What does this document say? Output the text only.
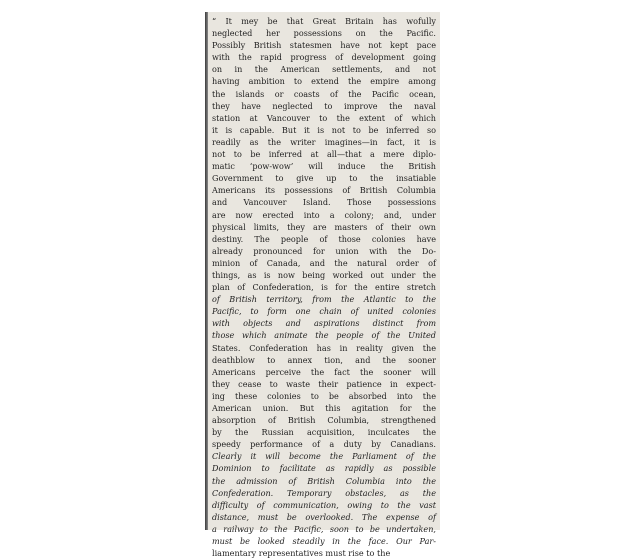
“ It mеy be that Great Britain has wofully
neglected her possessions on the Pacific.
Possibly British statesmen have not kept pace
with the rapid progress of development going
on in the American settlements, and not
having ambition to extend the empire among
the islands or coasts of the Pacific ocean,
they have neglected to improve the naval
station at Vancouver to the extent of which
it is capable. But it is not to be inferred so
readily as the writer imagines—in fact, it is
not to be inferred at all—that a mere diplo-
matic ‘pow-wow’ will induce the British
Government to give up to the insatiable
Americans its possessions of British Columbia
and Vancouver Island. Those possessions
are now erected into a colony; and, under
physical limits, they are masters of their own
destiny. The people of those colonies have
already pronounced for union with the Do-
minion of Canada, and the natural order of
things, as is now being worked out under the
plan of Confederation, is for the entire stretch
of British territory, from the Atlantic to the
Pacific, to form one chain of united colonies
with objects and aspirations distinct from
those which animate the people of the United
States. Confederation has in reality given the
deathblow to annex tion, and the sooner
Americans perceive the fact the sooner will
they cease to waste their patience in expect-
ing these colonies to be absorbed into the
American union. But this agitation for the
absorption of British Columbia, strengthened
by the Russian acquisition, inculcates the
speedy performance of a duty by Canadians.
Clearly it will become the Parliament of the
Dominion to facilitate as rapidly as possible
the admission of British Columbia into the
Confederation. Temporary obstacles, as the
difficulty of communication, owing to the vast
distance, must be overlooked. The expense of
a railway to the Pacific, soon to be undertaken,
must be looked steadily in the face. Our Par-
liamentary representatives must rise to the
